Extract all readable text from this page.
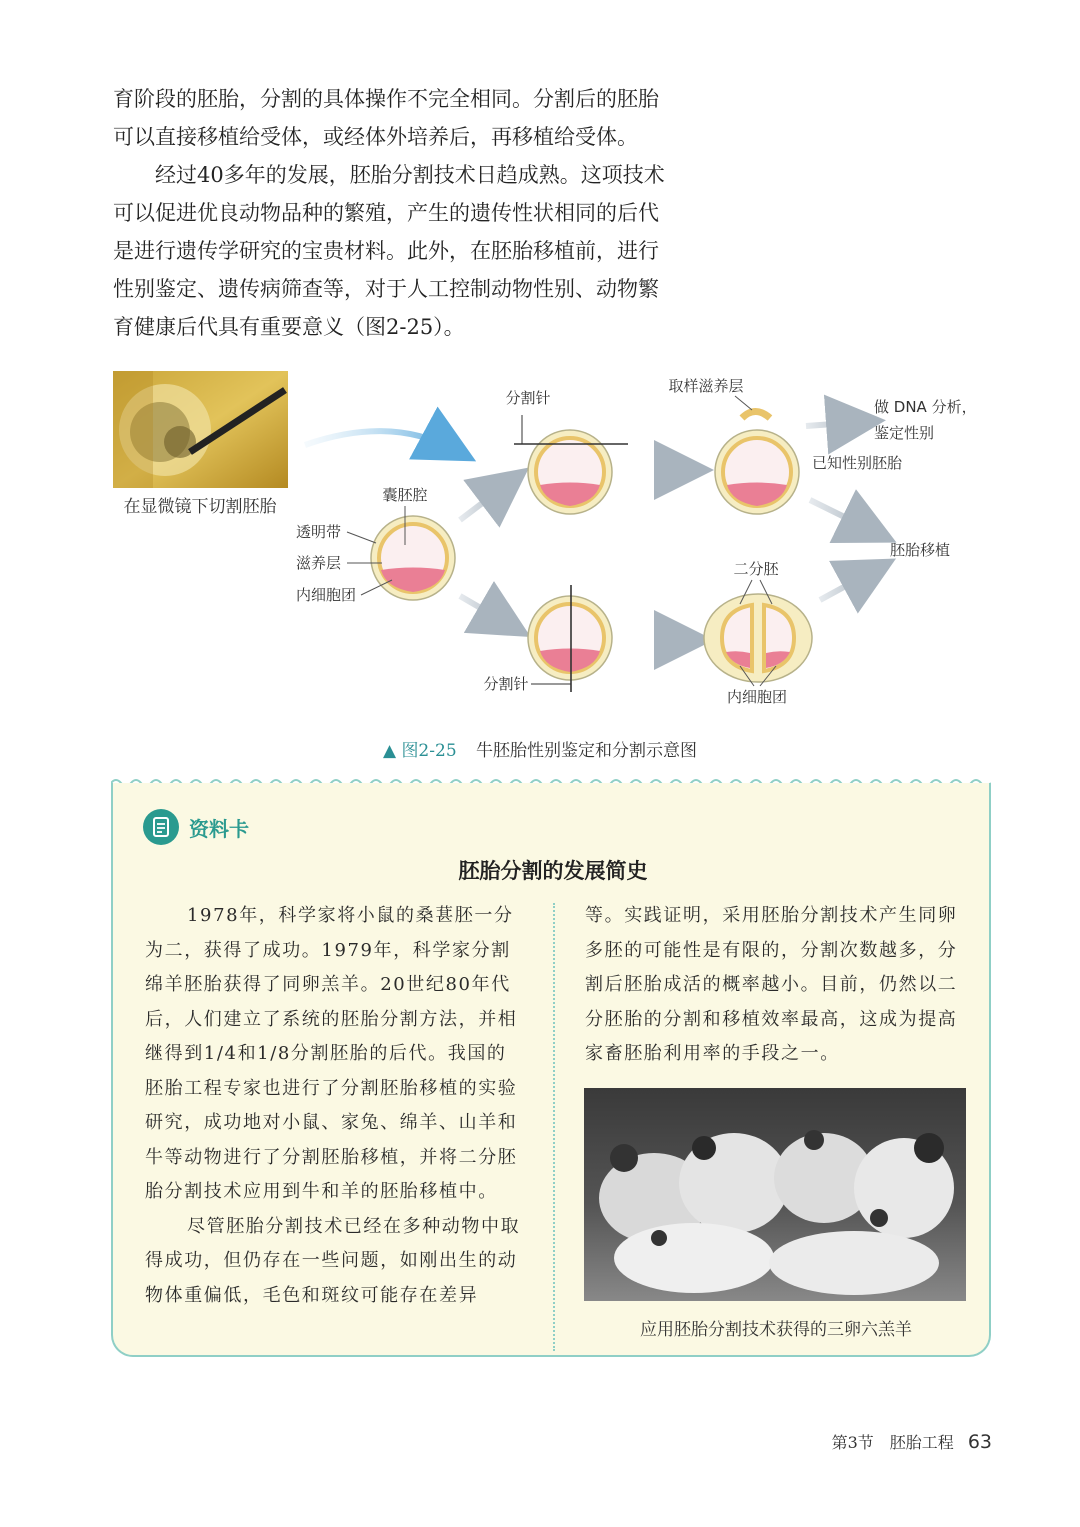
育阶段的胚胎，分割的具体操作不完全相同。分割后的胚胎可以直接移植给受体，或经体外培养后，再移植给受体。

经过40多年的发展，胚胎分割技术日趋成熟。这项技术可以促进优良动物品种的繁殖，产生的遗传性状相同的后代是进行遗传学研究的宝贵材料。此外，在胚胎移植前，进行性别鉴定、遗传病筛查等，对于人工控制动物性别、动物繁育健康后代具有重要意义（图2-25）。

在显微镜下切割胚胎
囊胚腔
透明带
滋养层
内细胞团
分割针
取样滋养层
做 DNA 分析，
鉴定性别
已知性别胚胎
胚胎移植
分割针
二分胚
内细胞团
▲ 图2-25 牛胚胎性别鉴定和分割示意图
资料卡
胚胎分割的发展简史

1978年，科学家将小鼠的桑葚胚一分为二，获得了成功。1979年，科学家分割绵羊胚胎获得了同卵羔羊。20世纪80年代后，人们建立了系统的胚胎分割方法，并相继得到1/4和1/8分割胚胎的后代。我国的胚胎工程专家也进行了分割胚胎移植的实验研究，成功地对小鼠、家兔、绵羊、山羊和牛等动物进行了分割胚胎移植，并将二分胚胎分割技术应用到牛和羊的胚胎移植中。

尽管胚胎分割技术已经在多种动物中取得成功，但仍存在一些问题，如刚出生的动物体重偏低，毛色和斑纹可能存在差异

等。实践证明，采用胚胎分割技术产生同卵多胚的可能性是有限的，分割次数越多，分割后胚胎成活的概率越小。目前，仍然以二分胚胎的分割和移植效率最高，这成为提高家畜胚胎利用率的手段之一。

应用胚胎分割技术获得的三卵六羔羊
第3节　胚胎工程 63
